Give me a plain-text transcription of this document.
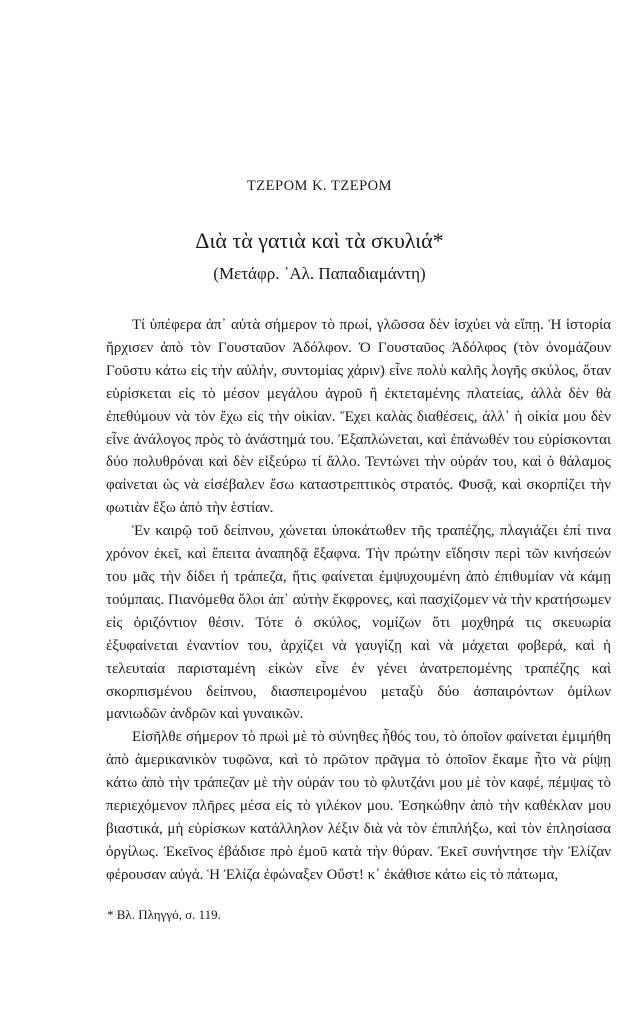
ΤΖΕΡΟΜ Κ. ΤΖΕΡΟΜ
Διὰ τὰ γατιὰ καὶ τὰ σκυλιά*
(Μετάφρ. ᾿Αλ. Παπαδιαμάντη)

Τί ὑπέφερα ἀπ᾿ αὐτὰ σήμερον τὸ πρωί, γλῶσσα δὲν ἰσχύει νὰ εἴπῃ. Ἡ ἱστορία ἤρχισεν ἀπὸ τὸν Γουσταῦον Ἀδόλφον. Ὁ Γουσταῦος Ἀδόλφος (τὸν ὀνομάζουν Γοῦστυ κάτω εἰς τὴν αὐλήν, συντομίας χάριν) εἶνε πολὺ καλῆς λογῆς σκύλος, ὅταν εὑρίσκεται εἰς τὸ μέσον μεγάλου ἀγροῦ ἢ ἐκτεταμένης πλατείας, ἀλλὰ δὲν θὰ ἐπεθύμουν νὰ τὸν ἔχω εἰς τὴν οἰκίαν. Ἔχει καλὰς διαθέσεις, ἀλλ᾿ ἡ οἰκία μου δὲν εἶνε ἀνάλογος πρὸς τὸ ἀνάστημά του. Ἐξαπλώνεται, καὶ ἐπάνωθέν του εὑρίσκονται δύο πολυθρόναι καὶ δὲν εἰξεύρω τί ἄλλο. Τεντώνει τὴν οὐράν του, καὶ ὁ θάλαμος φαίνεται ὡς νὰ εἰσέβαλεν ἔσω καταστρεπτικὸς στρατός. Φυσᾷ, καὶ σκορπίζει τὴν φωτιὰν ἔξω ἀπὸ τὴν ἑστίαν.

Ἐν καιρῷ τοῦ δείπνου, χώνεται ὑποκάτωθεν τῆς τραπέζης, πλαγιάζει ἐπί τινα χρόνον ἐκεῖ, καὶ ἔπειτα ἀναπηδᾷ ἔξαφνα. Τὴν πρώτην εἴδησιν περὶ τῶν κινήσεών του μᾶς τὴν δίδει ἡ τράπεζα, ἥτις φαίνεται ἐμψυχουμένη ἀπὸ ἐπιθυμίαν νὰ κάμῃ τούμπαις. Πιανόμεθα ὅλοι ἀπ᾿ αὐτὴν ἔκφρονες, καὶ πασχίζομεν νὰ τὴν κρατήσωμεν εἰς ὁριζόντιον θέσιν. Τότε ὁ σκύλος, νομίζων ὅτι μοχθηρά τις σκευωρία ἐξυφαίνεται ἐναντίον του, ἀρχίζει νὰ γαυγίζῃ καὶ νὰ μάχεται φοβερά, καὶ ἡ τελευταία παρισταμένη εἰκὼν εἶνε ἐν γένει ἀνατρεπομένης τραπέζης καὶ σκορπισμένου δείπνου, διασπειρομένου μεταξὺ δύο ἀσπαιρόντων ὁμίλων μανιωδῶν ἀνδρῶν καὶ γυναικῶν.

Εἰσῆλθε σήμερον τὸ πρωὶ μὲ τὸ σύνηθες ἦθός του, τὸ ὁποῖον φαίνεται ἐμιμήθη ἀπὸ ἀμερικανικὸν τυφῶνα, καὶ τὸ πρῶτον πρᾶγμα τὸ ὁποῖον ἔκαμε ἦτο νὰ ρίψῃ κάτω ἀπὸ τὴν τράπεζαν μὲ τὴν οὐράν του τὸ φλυτζάνι μου μὲ τὸν καφέ, πέμψας τὸ περιεχόμενον πλῆρες μέσα εἰς τὸ γιλέκον μου. Ἐσηκώθην ἀπὸ τὴν καθέκλαν μου βιαστικά, μὴ εὑρίσκων κατάλληλον λέξιν διὰ νὰ τὸν ἐπιπλήξω, καὶ τὸν ἐπλησίασα ὀργίλως. Ἐκεῖνος ἐβάδισε πρὸ ἐμοῦ κατὰ τὴν θύραν. Ἐκεῖ συνήντησε τὴν Ἐλίζαν φέρουσαν αὐγά. Ἡ Ἐλίζα ἐφώναξεν Οὔστ! κ᾿ ἐκάθισε κάτω εἰς τὸ πάτωμα,

* Βλ. Πληγγό, σ. 119.
